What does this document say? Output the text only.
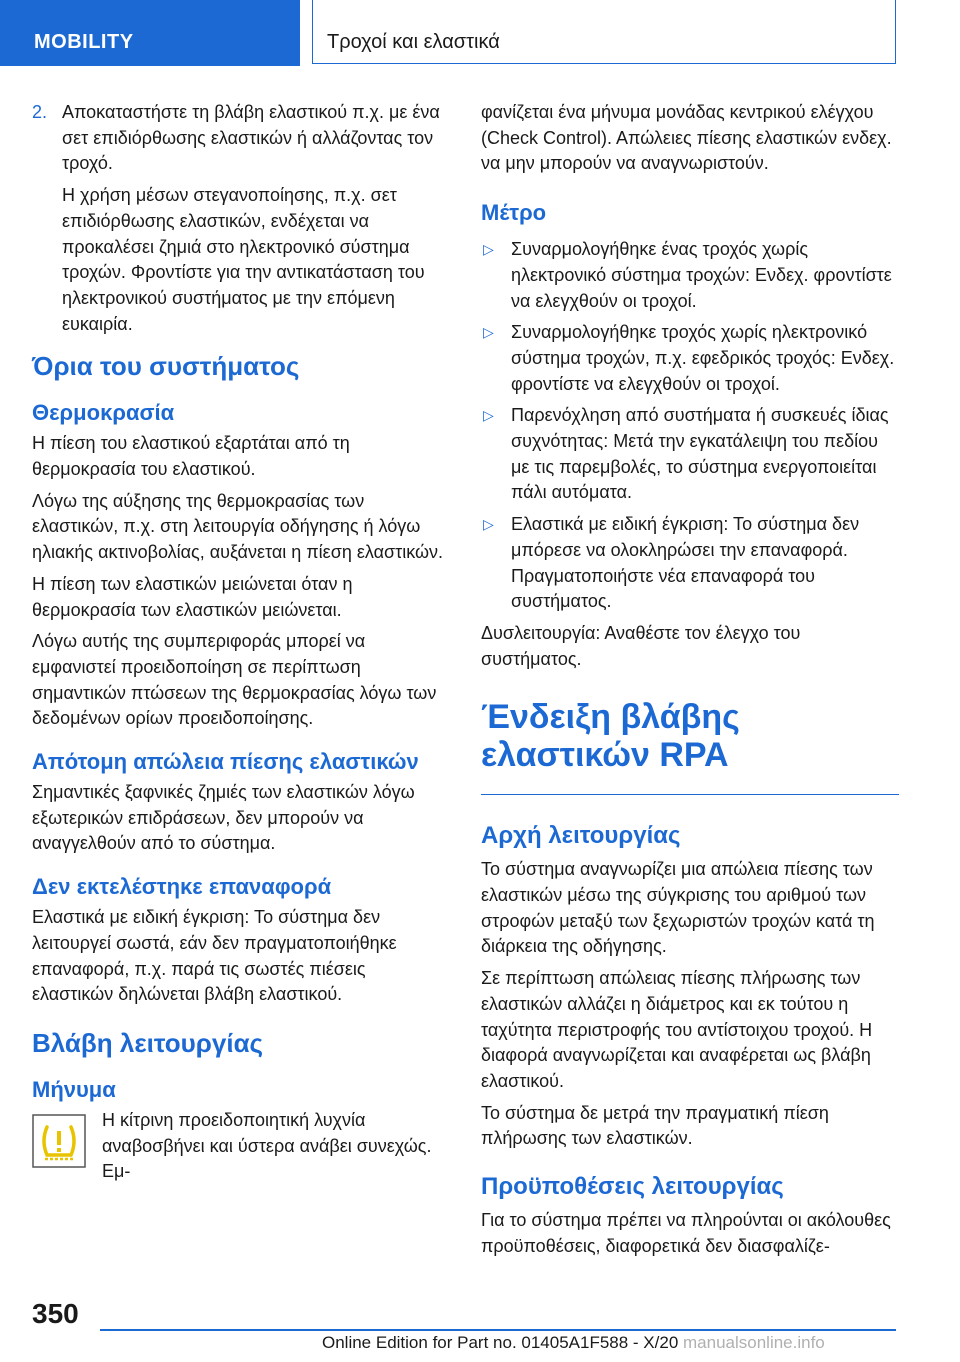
MOBILITY	Τροχοί και ελαστικά
2. Αποκαταστήστε τη βλάβη ελαστικού π.χ. με ένα σετ επιδιόρθωσης ελαστικών ή αλλάζοντας τον τροχό.

Η χρήση μέσων στεγανοποίησης, π.χ. σετ επιδιόρθωσης ελαστικών, ενδέχεται να προκαλέσει ζημιά στο ηλεκτρονικό σύστημα τροχών. Φροντίστε για την αντικατάσταση του ηλεκτρονικού συστήματος με την επόμενη ευκαιρία.

Όρια του συστήματος
Θερμοκρασία

Η πίεση του ελαστικού εξαρτάται από τη θερμοκρασία του ελαστικού.

Λόγω της αύξησης της θερμοκρασίας των ελαστικών, π.χ. στη λειτουργία οδήγησης ή λόγω ηλιακής ακτινοβολίας, αυξάνεται η πίεση ελαστικών.

Η πίεση των ελαστικών μειώνεται όταν η θερμοκρασία των ελαστικών μειώνεται.

Λόγω αυτής της συμπεριφοράς μπορεί να εμφανιστεί προειδοποίηση σε περίπτωση σημαντικών πτώσεων της θερμοκρασίας λόγω των δεδομένων ορίων προειδοποίησης.

Απότομη απώλεια πίεσης ελαστικών

Σημαντικές ξαφνικές ζημιές των ελαστικών λόγω εξωτερικών επιδράσεων, δεν μπορούν να αναγγελθούν από το σύστημα.

Δεν εκτελέστηκε επαναφορά

Ελαστικά με ειδική έγκριση: Το σύστημα δεν λειτουργεί σωστά, εάν δεν πραγματοποιήθηκε επαναφορά, π.χ. παρά τις σωστές πιέσεις ελαστικών δηλώνεται βλάβη ελαστικού.

Βλάβη λειτουργίας
Μήνυμα

Η κίτρινη προειδοποιητική λυχνία αναβοσβήνει και ύστερα ανάβει συνεχώς. Εμ-

φανίζεται ένα μήνυμα μονάδας κεντρικού ελέγχου (Check Control). Απώλειες πίεσης ελαστικών ενδεχ. να μην μπορούν να αναγνωριστούν.

Μέτρο
▷ Συναρμολογήθηκε ένας τροχός χωρίς ηλεκτρονικό σύστημα τροχών: Ενδεχ. φροντίστε να ελεγχθούν οι τροχοί.
▷ Συναρμολογήθηκε τροχός χωρίς ηλεκτρονικό σύστημα τροχών, π.χ. εφεδρικός τροχός: Ενδεχ. φροντίστε να ελεγχθούν οι τροχοί.
▷ Παρενόχληση από συστήματα ή συσκευές ίδιας συχνότητας: Μετά την εγκατάλειψη του πεδίου με τις παρεμβολές, το σύστημα ενεργοποιείται πάλι αυτόματα.
▷ Ελαστικά με ειδική έγκριση: Το σύστημα δεν μπόρεσε να ολοκληρώσει την επαναφορά. Πραγματοποιήστε νέα επαναφορά του συστήματος.

Δυσλειτουργία: Αναθέστε τον έλεγχο του συστήματος.

Ένδειξη βλάβης ελαστικών RPA
Αρχή λειτουργίας

Το σύστημα αναγνωρίζει μια απώλεια πίεσης των ελαστικών μέσω της σύγκρισης του αριθμού των στροφών μεταξύ των ξεχωριστών τροχών κατά τη διάρκεια της οδήγησης.

Σε περίπτωση απώλειας πίεσης πλήρωσης των ελαστικών αλλάζει η διάμετρος και εκ τούτου η ταχύτητα περιστροφής του αντίστοιχου τροχού. Η διαφορά αναγνωρίζεται και αναφέρεται ως βλάβη ελαστικού.

Το σύστημα δε μετρά την πραγματική πίεση πλήρωσης των ελαστικών.

Προϋποθέσεις λειτουργίας

Για το σύστημα πρέπει να πληρούνται οι ακόλουθες προϋποθέσεις, διαφορετικά δεν διασφαλίζε-

350
Online Edition for Part no. 01405A1F588 - X/20 manualsonline.info
